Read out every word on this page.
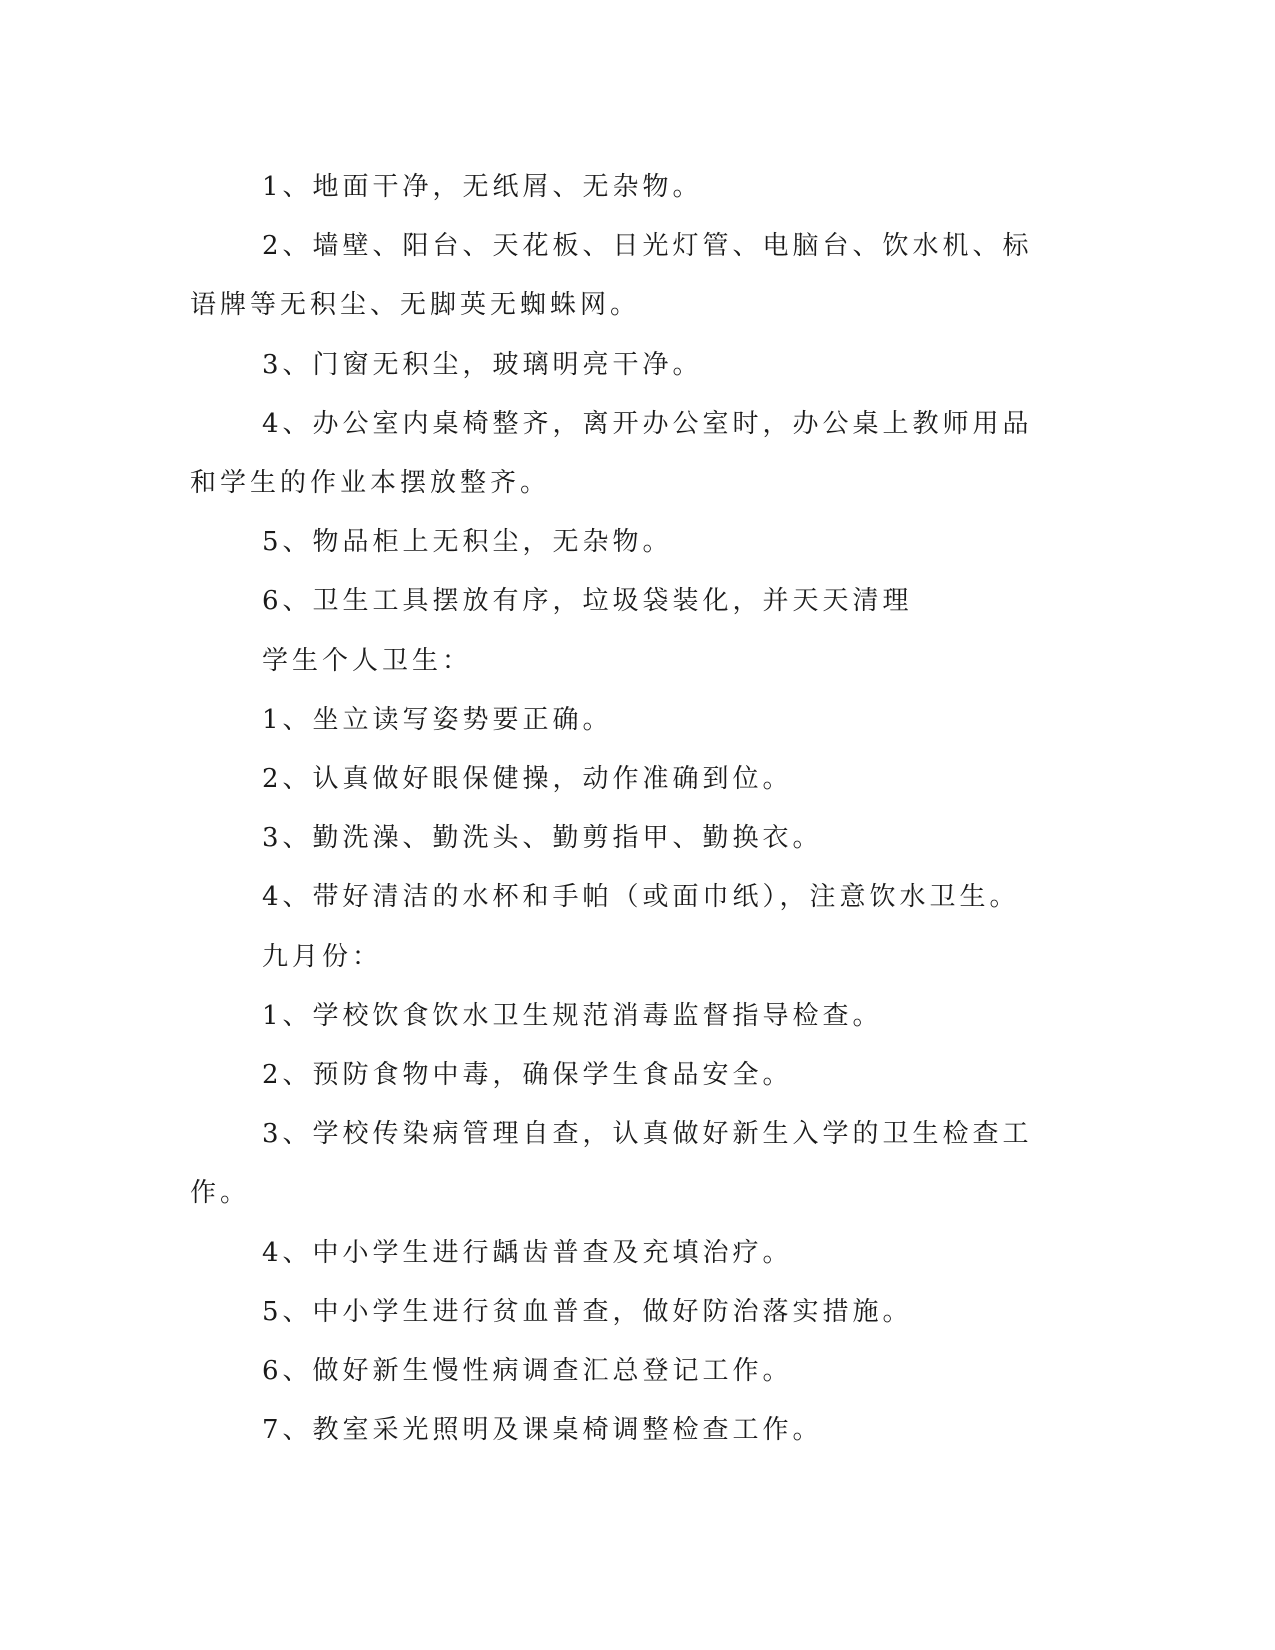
1、地面干净，无纸屑、无杂物。

2、墙壁、阳台、天花板、日光灯管、电脑台、饮水机、标语牌等无积尘、无脚英无蜘蛛网。

3、门窗无积尘，玻璃明亮干净。

4、办公室内桌椅整齐，离开办公室时，办公桌上教师用品和学生的作业本摆放整齐。

5、物品柜上无积尘，无杂物。

6、卫生工具摆放有序，垃圾袋装化，并天天清理

学生个人卫生：

1、坐立读写姿势要正确。

2、认真做好眼保健操，动作准确到位。

3、勤洗澡、勤洗头、勤剪指甲、勤换衣。

4、带好清洁的水杯和手帕（或面巾纸），注意饮水卫生。

九月份：

1、学校饮食饮水卫生规范消毒监督指导检查。

2、预防食物中毒，确保学生食品安全。

3、学校传染病管理自查，认真做好新生入学的卫生检查工作。

4、中小学生进行龋齿普查及充填治疗。

5、中小学生进行贫血普查，做好防治落实措施。

6、做好新生慢性病调查汇总登记工作。

7、教室采光照明及课桌椅调整检查工作。
